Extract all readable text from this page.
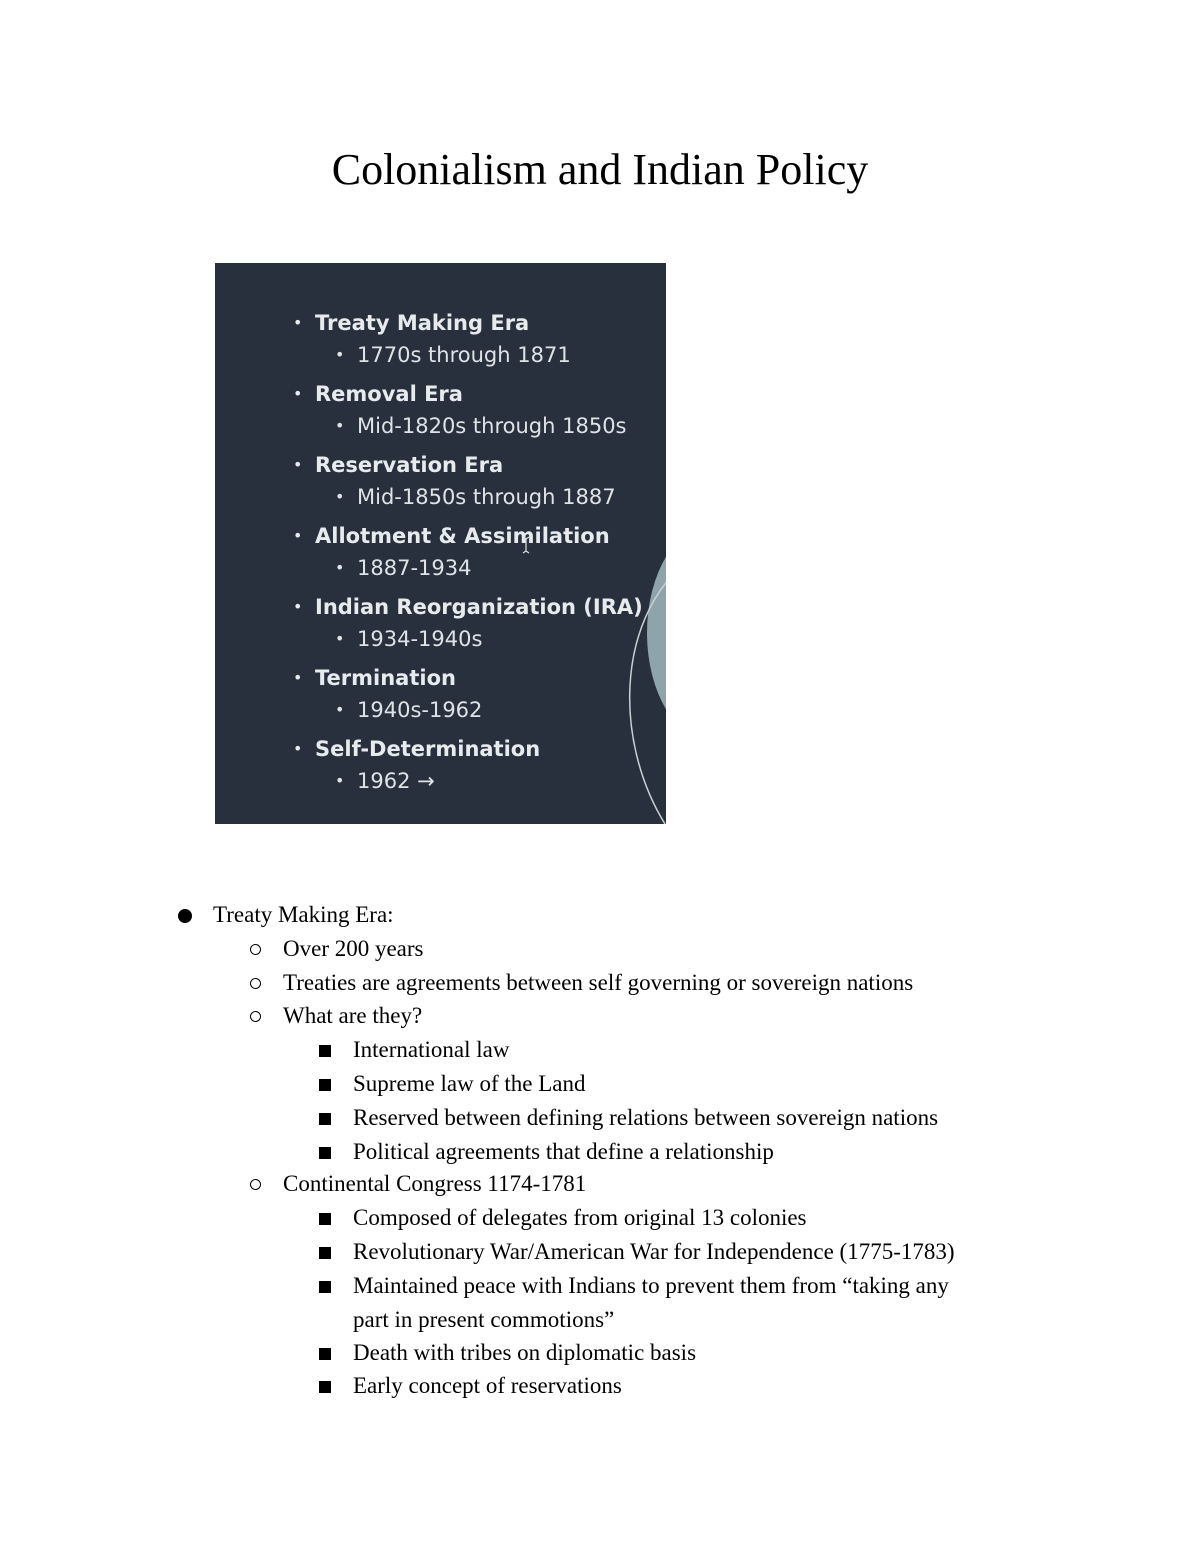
Colonialism and Indian Policy
• Treaty Making Era
• 1770s through 1871
• Removal Era
• Mid-1820s through 1850s
• Reservation Era
• Mid-1850s through 1887
• Allotment & Assimilation
• 1887-1934
• Indian Reorganization (IRA)
• 1934-1940s
• Termination
• 1940s-1962
• Self-Determination
• 1962 →
Treaty Making Era:
Over 200 years
Treaties are agreements between self governing or sovereign nations
What are they?
International law
Supreme law of the Land
Reserved between defining relations between sovereign nations
Political agreements that define a relationship
Continental Congress 1174-1781
Composed of delegates from original 13 colonies
Revolutionary War/American War for Independence (1775-1783)
Maintained peace with Indians to prevent them from “taking any
part in present commotions”
Death with tribes on diplomatic basis
Early concept of reservations
